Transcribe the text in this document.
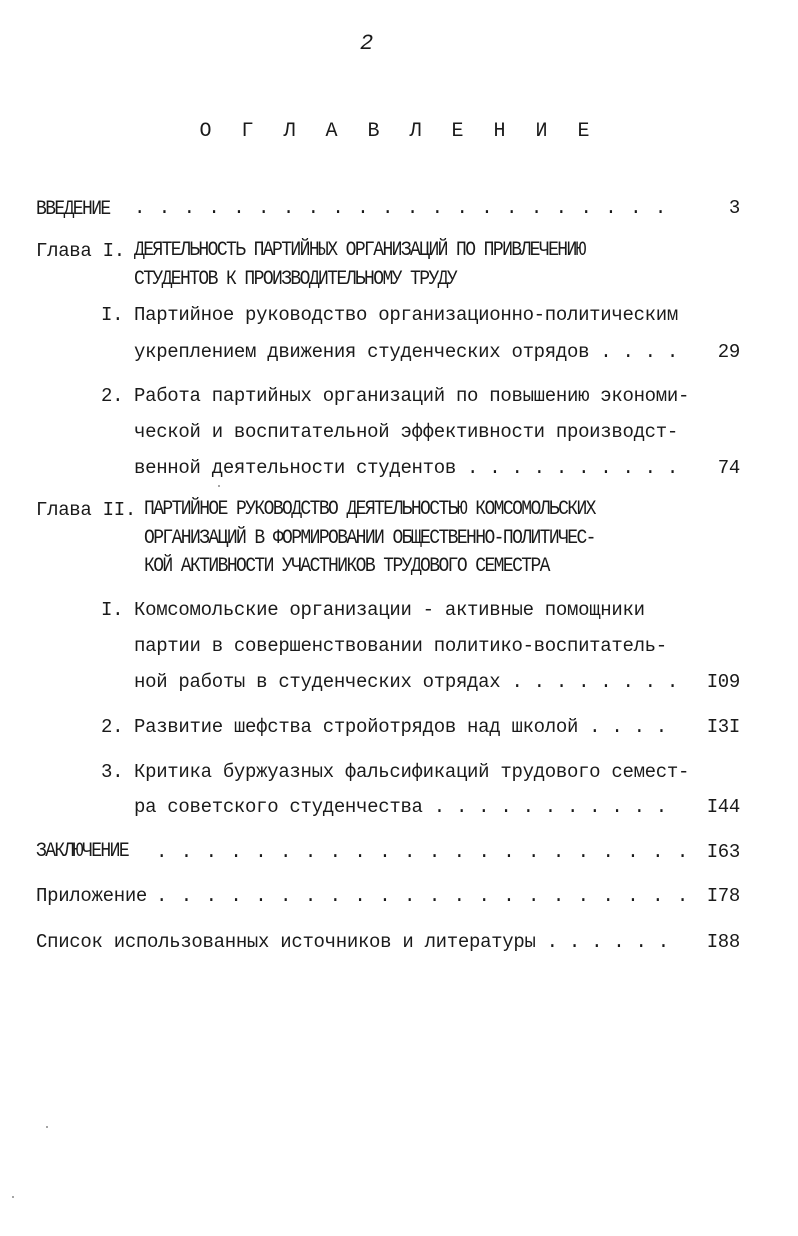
2
О Г Л А В Л Е Н И Е
ВВЕДЕНИЕ . . . . . . . . . . . . . . . . . . . . . .	3
Глава I. ДЕЯТЕЛЬНОСТЬ ПАРТИЙНЫХ ОРГАНИЗАЦИЙ ПО ПРИВЛЕЧЕНИЮ
СТУДЕНТОВ К ПРОИЗВОДИТЕЛЬНОМУ ТРУДУ
I. Партийное руководство организационно-политическим
укреплением движения студенческих отрядов . . . . 29
2. Работа партийных организаций по повышению экономи-
ческой и воспитательной эффективности производст-
венной деятельности студентов . . . . . . . . . . 74
Глава II. ПАРТИЙНОЕ РУКОВОДСТВО ДЕЯТЕЛЬНОСТЬЮ КОМСОМОЛЬСКИХ
ОРГАНИЗАЦИЙ В ФОРМИРОВАНИИ ОБЩЕСТВЕННО-ПОЛИТИЧЕС-
КОЙ АКТИВНОСТИ УЧАСТНИКОВ ТРУДОВОГО СЕМЕСТРА
I. Комсомольские организации - активные помощники
партии в совершенствовании политико-воспитатель-
ной работы в студенческих отрядах . . . . . . . . I09
2. Развитие шефства стройотрядов над школой . . . . I3I
3. Критика буржуазных фальсификаций трудового семест-
ра советского студенчества . . . . . . . . . . . I44
ЗАКЛЮЧЕНИЕ . . . . . . . . . . . . . . . . . . . . . . I63
Приложение . . . . . . . . . . . . . . . . . . . . . . I78
Список использованных источников и литературы . . . . . . I88
